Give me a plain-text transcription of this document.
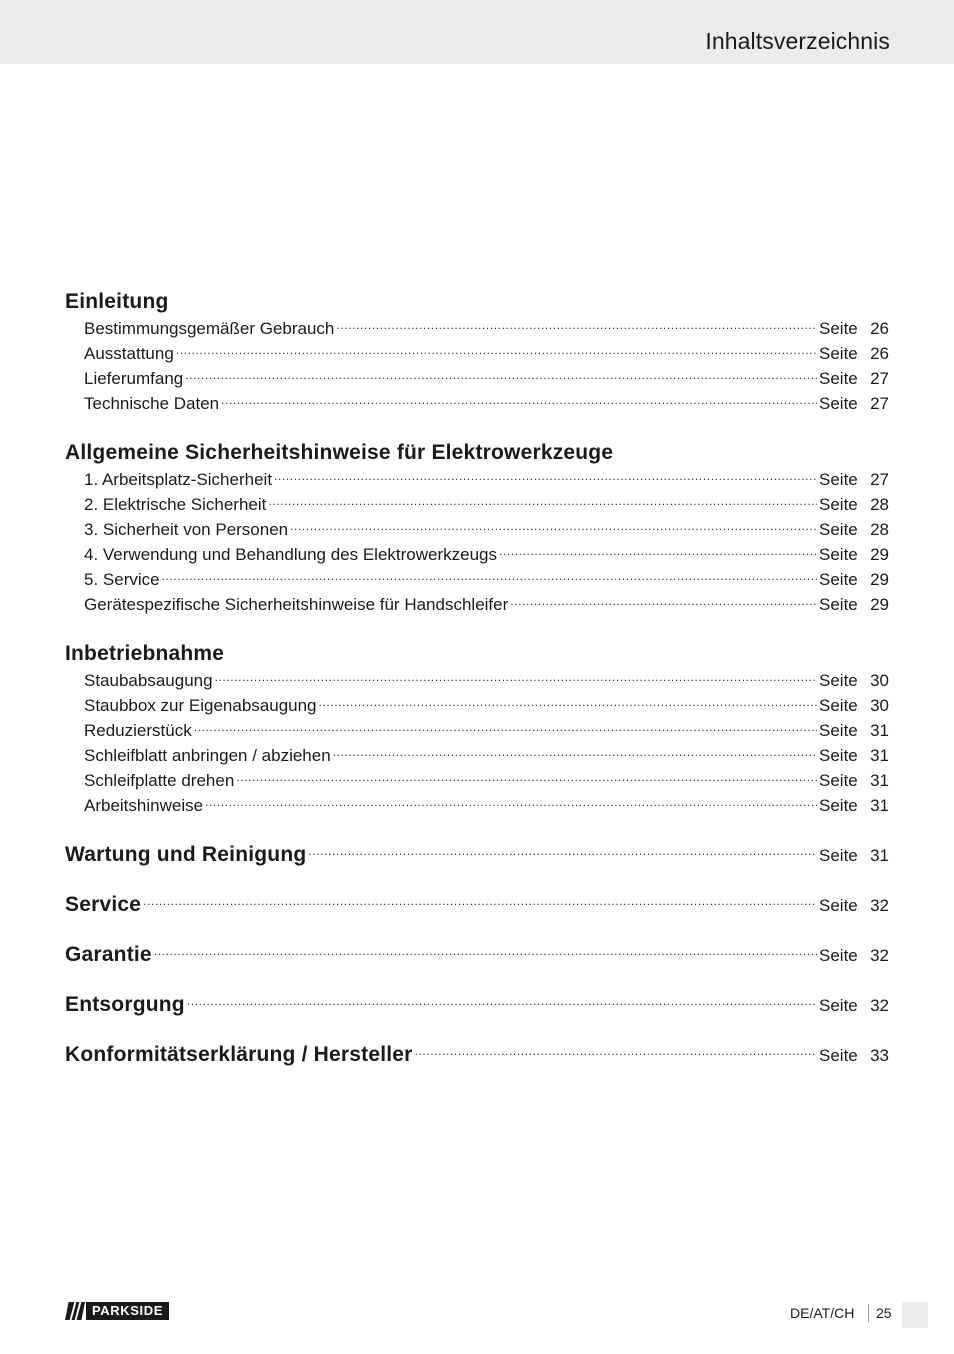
Inhaltsverzeichnis
Einleitung
Bestimmungsgemäßer Gebrauch .....	Seite 26
Ausstattung .....	Seite 26
Lieferumfang .....	Seite 27
Technische Daten .....	Seite 27
Allgemeine Sicherheitshinweise für Elektrowerkzeuge
1. Arbeitsplatz-Sicherheit .....	Seite 27
2. Elektrische Sicherheit .....	Seite 28
3. Sicherheit von Personen .....	Seite 28
4. Verwendung und Behandlung des Elektrowerkzeugs .....	Seite 29
5. Service .....	Seite 29
Gerätespezifische Sicherheitshinweise für Handschleifer .....	Seite 29
Inbetriebnahme
Staubabsaugung .....	Seite 30
Staubbox zur Eigenabsaugung .....	Seite 30
Reduzierstück .....	Seite 31
Schleifblatt anbringen / abziehen .....	Seite 31
Schleifplatte drehen .....	Seite 31
Arbeitshinweise .....	Seite 31
Wartung und Reinigung .....	Seite 31
Service .....	Seite 32
Garantie .....	Seite 32
Entsorgung .....	Seite 32
Konformitätserklärung / Hersteller .....	Seite 33
PARKSIDE	DE/AT/CH 25
